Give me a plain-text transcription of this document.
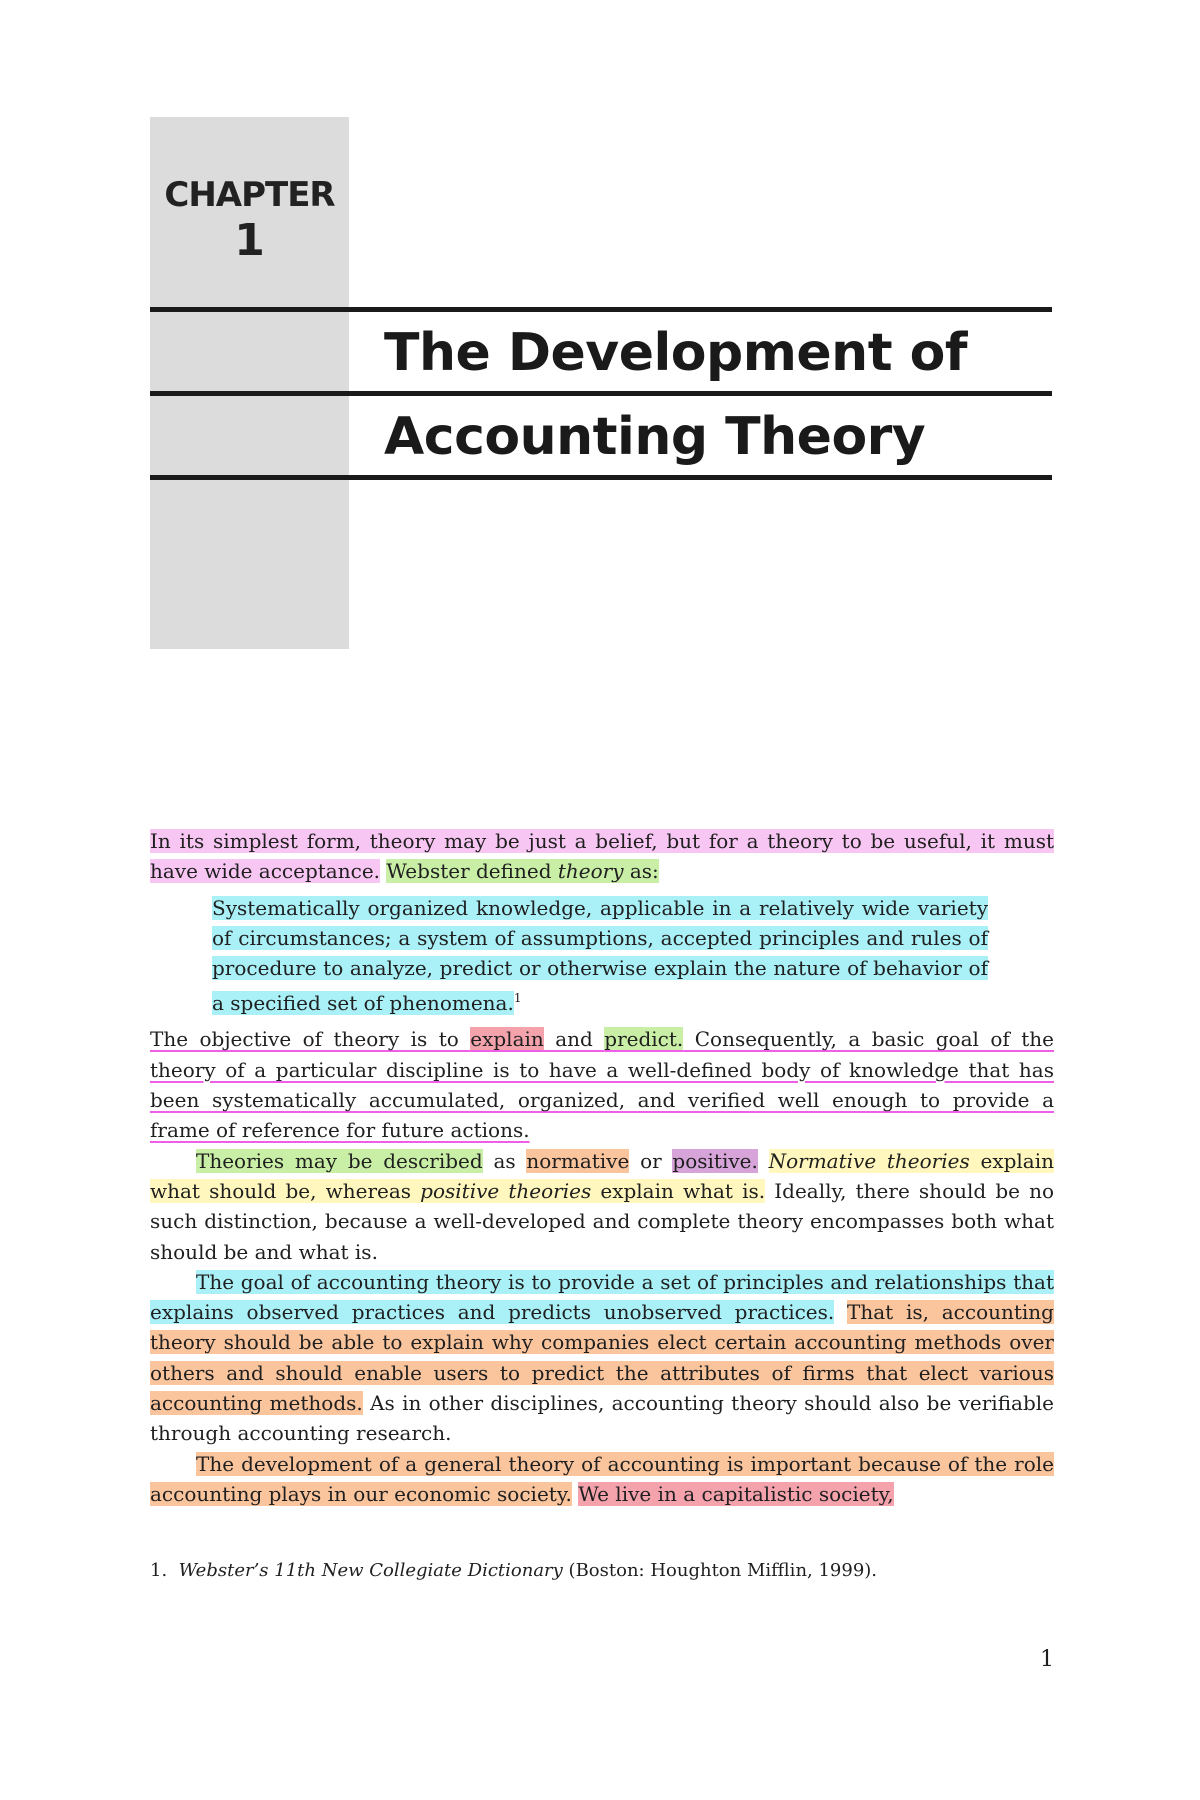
CHAPTER
1
The Development of
Accounting Theory

In its simplest form, theory may be just a belief, but for a theory to be useful, it must have wide acceptance. Webster defined theory as:

Systematically organized knowledge, applicable in a relatively wide variety of circumstances; a system of assumptions, accepted principles and rules of procedure to analyze, predict or otherwise explain the nature of behavior of a specified set of phenomena.$^1$

The objective of theory is to explain and predict. Consequently, a basic goal of the theory of a particular discipline is to have a well-defined body of knowledge that has been systematically accumulated, organized, and verified well enough to provide a frame of reference for future actions.

Theories may be described as normative or positive. Normative theories explain what should be, whereas positive theories explain what is. Ideally, there should be no such distinction, because a well-developed and complete theory encompasses both what should be and what is.

The goal of accounting theory is to provide a set of principles and relationships that explains observed practices and predicts unobserved practices. That is, accounting theory should be able to explain why companies elect certain accounting methods over others and should enable users to predict the attributes of firms that elect various accounting methods. As in other disciplines, accounting theory should also be verifiable through accounting research.

The development of a general theory of accounting is important because of the role accounting plays in our economic society. We live in a capitalistic society,

1. Webster’s 11th New Collegiate Dictionary (Boston: Houghton Mifflin, 1999).
1
